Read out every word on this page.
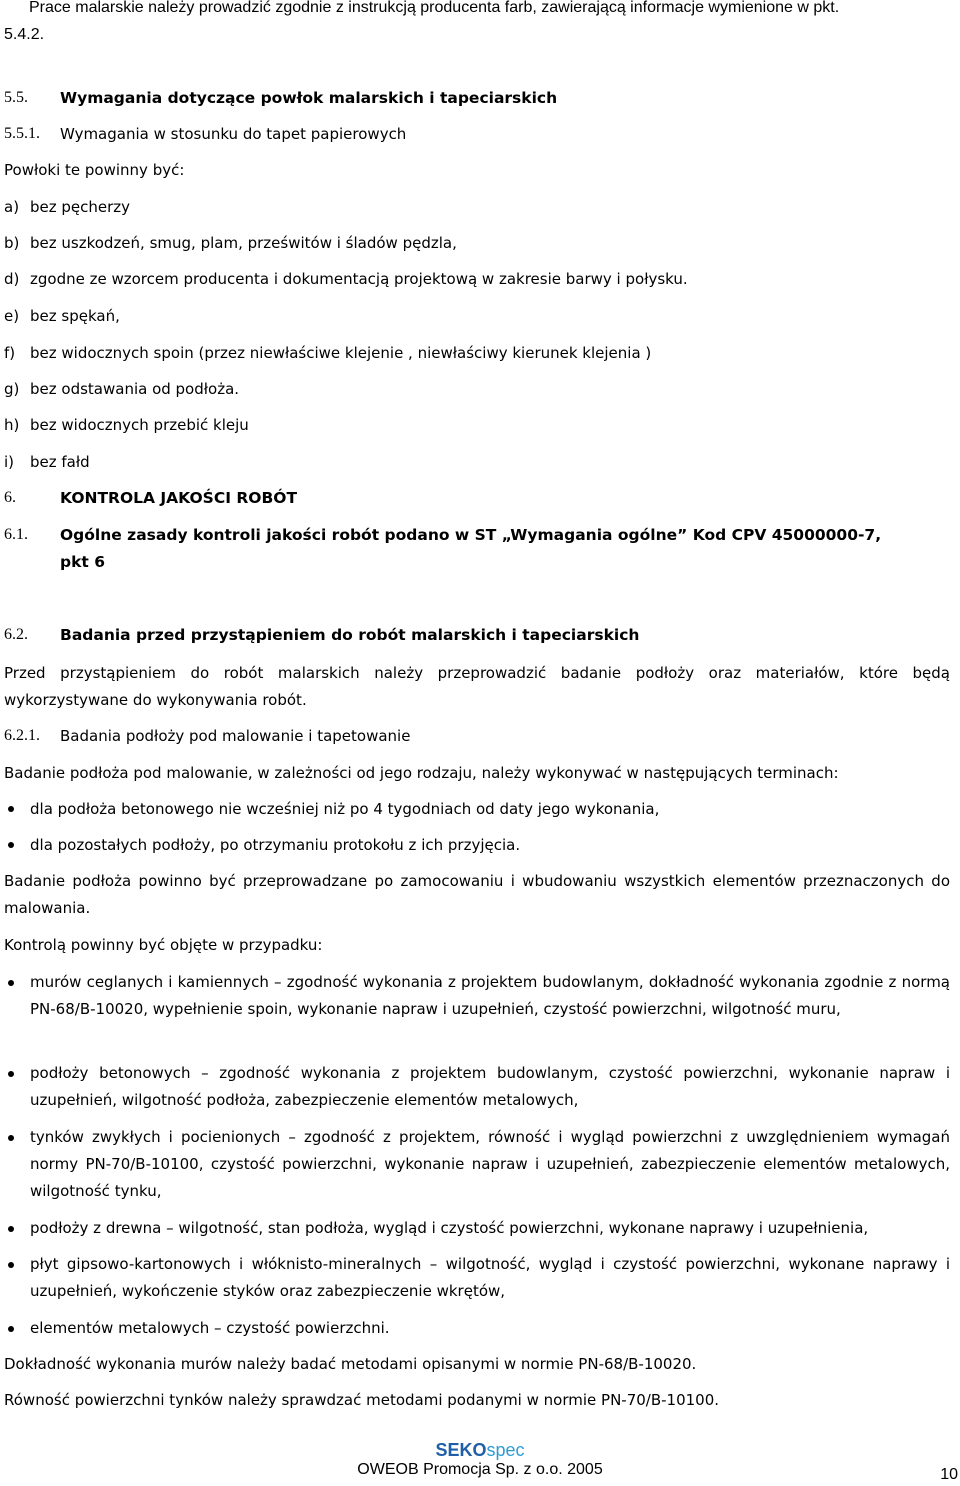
Prace malarskie należy prowadzić zgodnie z instrukcją producenta farb, zawierającą informacje wymienione w pkt.
5.4.2.
5.5. Wymagania dotyczące powłok malarskich i tapeciarskich
5.5.1. Wymagania w stosunku do tapet papierowych
Powłoki te powinny być:
a) bez pęcherzy
b) bez uszkodzeń, smug, plam, prześwitów i śladów pędzla,
d) zgodne ze wzorcem producenta i dokumentacją projektową w zakresie barwy i połysku.
e) bez spękań,
f) bez widocznych spoin (przez niewłaściwe klejenie , niewłaściwy kierunek klejenia )
g) bez odstawania od podłoża.
h) bez widocznych przebić kleju
i) bez fałd
6.	KONTROLA JAKOŚCI ROBÓT
6.1. Ogólne zasady kontroli jakości robót podano w ST „Wymagania ogólne” Kod CPV 45000000-7,
pkt 6
6.2. Badania przed przystąpieniem do robót malarskich i tapeciarskich
Przed przystąpieniem do robót malarskich należy przeprowadzić badanie podłoży oraz materiałów, które będą wykorzystywane do wykonywania robót.
6.2.1. Badania podłoży pod malowanie i tapetowanie
Badanie podłoża pod malowanie, w zależności od jego rodzaju, należy wykonywać w następujących terminach:
dla podłoża betonowego nie wcześniej niż po 4 tygodniach od daty jego wykonania,
dla pozostałych podłoży, po otrzymaniu protokołu z ich przyjęcia.
Badanie podłoża powinno być przeprowadzane po zamocowaniu i wbudowaniu wszystkich elementów przeznaczonych do malowania.
Kontrolą powinny być objęte w przypadku:
murów ceglanych i kamiennych – zgodność wykonania z projektem budowlanym, dokładność wykonania zgodnie z normą PN-68/B-10020, wypełnienie spoin, wykonanie napraw i uzupełnień, czystość powierzchni, wilgotność muru,
podłoży betonowych – zgodność wykonania z projektem budowlanym, czystość powierzchni, wykonanie napraw i uzupełnień, wilgotność podłoża, zabezpieczenie elementów metalowych,
tynków zwykłych i pocienionych – zgodność z projektem, równość i wygląd powierzchni z uwzględnieniem wymagań normy PN-70/B-10100, czystość powierzchni, wykonanie napraw i uzupełnień, zabezpieczenie elementów metalowych, wilgotność tynku,
podłoży z drewna – wilgotność, stan podłoża, wygląd i czystość powierzchni, wykonane naprawy i uzupełnienia,
płyt gipsowo-kartonowych i włóknisto-mineralnych – wilgotność, wygląd i czystość powierzchni, wykonane naprawy i uzupełnień, wykończenie styków oraz zabezpieczenie wkrętów,
elementów metalowych – czystość powierzchni.
Dokładność wykonania murów należy badać metodami opisanymi w normie PN-68/B-10020.
Równość powierzchni tynków należy sprawdzać metodami podanymi w normie PN-70/B-10100.
SEKOspec
OWEOB Promocja Sp. z o.o. 2005	10
